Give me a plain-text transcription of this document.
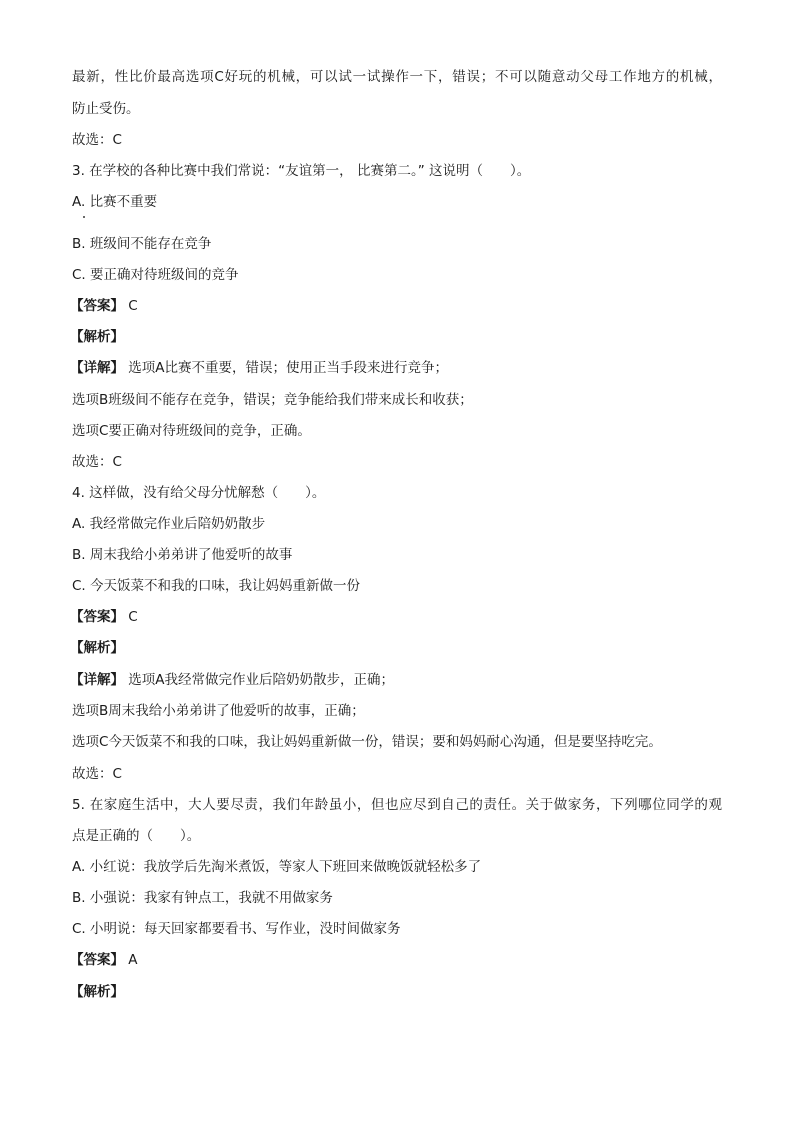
最新，性比价最高选项C好玩的机械，可以试一试操作一下，错误；不可以随意动父母工作地方的机械，
防止受伤。
故选：C
3. 在学校的各种比赛中我们常说：“友谊第一， 比赛第二。” 这说明（　　）。
A. 比赛不重要
B. 班级间不能存在竞争
C. 要正确对待班级间的竞争
【 答案 】 C
【 解析 】
【 详解 】 选项A比赛不重要，错误；使用正当手段来进行竞争；
选项B班级间不能存在竞争，错误；竞争能给我们带来成长和收获；
选项C要正确对待班级间的竞争，正确。
故选：C
4. 这样做，没有给父母分忧解愁（　　）。
A. 我经常做完作业后陪奶奶散步
B. 周末我给小弟弟讲了他爱听的故事
C. 今天饭菜不和我的口味，我让妈妈重新做一份
【 答案 】 C
【 解析 】
【 详解 】 选项A我经常做完作业后陪奶奶散步，正确；
选项B周末我给小弟弟讲了他爱听的故事，正确；
选项C今天饭菜不和我的口味，我让妈妈重新做一份，错误；要和妈妈耐心沟通，但是要坚持吃完。
故选：C
5. 在家庭生活中，大人要尽责，我们年龄虽小，但也应尽到自己的责任。关于做家务，下列哪位同学的观
点是正确的（　　）。
A. 小红说：我放学后先淘米煮饭，等家人下班回来做晚饭就轻松多了
B. 小强说：我家有钟点工，我就不用做家务
C. 小明说：每天回家都要看书、写作业，没时间做家务
【 答案 】 A
【 解析 】
